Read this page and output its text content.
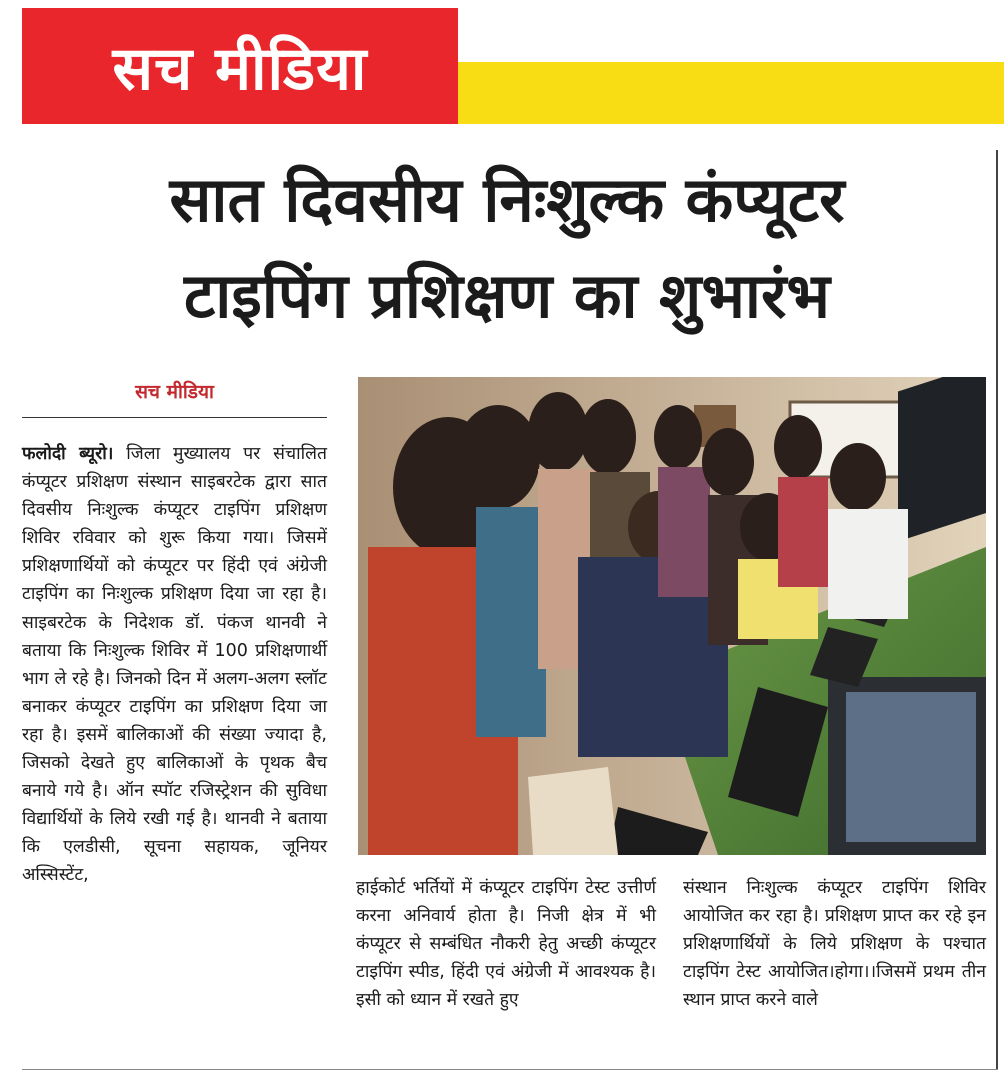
सच मीडिया
सात दिवसीय निःशुल्क कंप्यूटर
टाइपिंग प्रशिक्षण का शुभारंभ
सच मीडिया

फलोदी ब्यूरो। जिला मुख्यालय पर संचालित कंप्यूटर प्रशिक्षण संस्थान साइबरटेक द्वारा सात दिवसीय निःशुल्क कंप्यूटर टाइपिंग प्रशिक्षण शिविर रविवार को शुरू किया गया। जिसमें प्रशिक्षणार्थियों को कंप्यूटर पर हिंदी एवं अंग्रेजी टाइपिंग का निःशुल्क प्रशिक्षण दिया जा रहा है। साइबरटेक के निदेशक डॉ. पंकज थानवी ने बताया कि निःशुल्क शिविर में 100 प्रशिक्षणार्थी भाग ले रहे है। जिनको दिन में अलग-अलग स्लॉट बनाकर कंप्यूटर टाइपिंग का प्रशिक्षण दिया जा रहा है। इसमें बालिकाओं की संख्या ज्यादा है, जिसको देखते हुए बालिकाओं के पृथक बैच बनाये गये है। ऑन स्पॉट रजिस्ट्रेशन की सुविधा विद्यार्थियों के लिये रखी गई है। थानवी ने बताया कि एलडीसी, सूचना सहायक, जूनियर अस्सिस्टेंट,

हाईकोर्ट भर्तियों में कंप्यूटर टाइपिंग टेस्ट उत्तीर्ण करना अनिवार्य होता है। निजी क्षेत्र में भी कंप्यूटर से सम्बंधित नौकरी हेतु अच्छी कंप्यूटर टाइपिंग स्पीड, हिंदी एवं अंग्रेजी में आवश्यक है। इसी को ध्यान में रखते हुए

संस्थान निःशुल्क कंप्यूटर टाइपिंग शिविर आयोजित कर रहा है। प्रशिक्षण प्राप्त कर रहे इन प्रशिक्षणार्थियों के लिये प्रशिक्षण के पश्चात टाइपिंग टेस्ट आयोजित।होगा।।जिसमें प्रथम तीन स्थान प्राप्त करने वाले
